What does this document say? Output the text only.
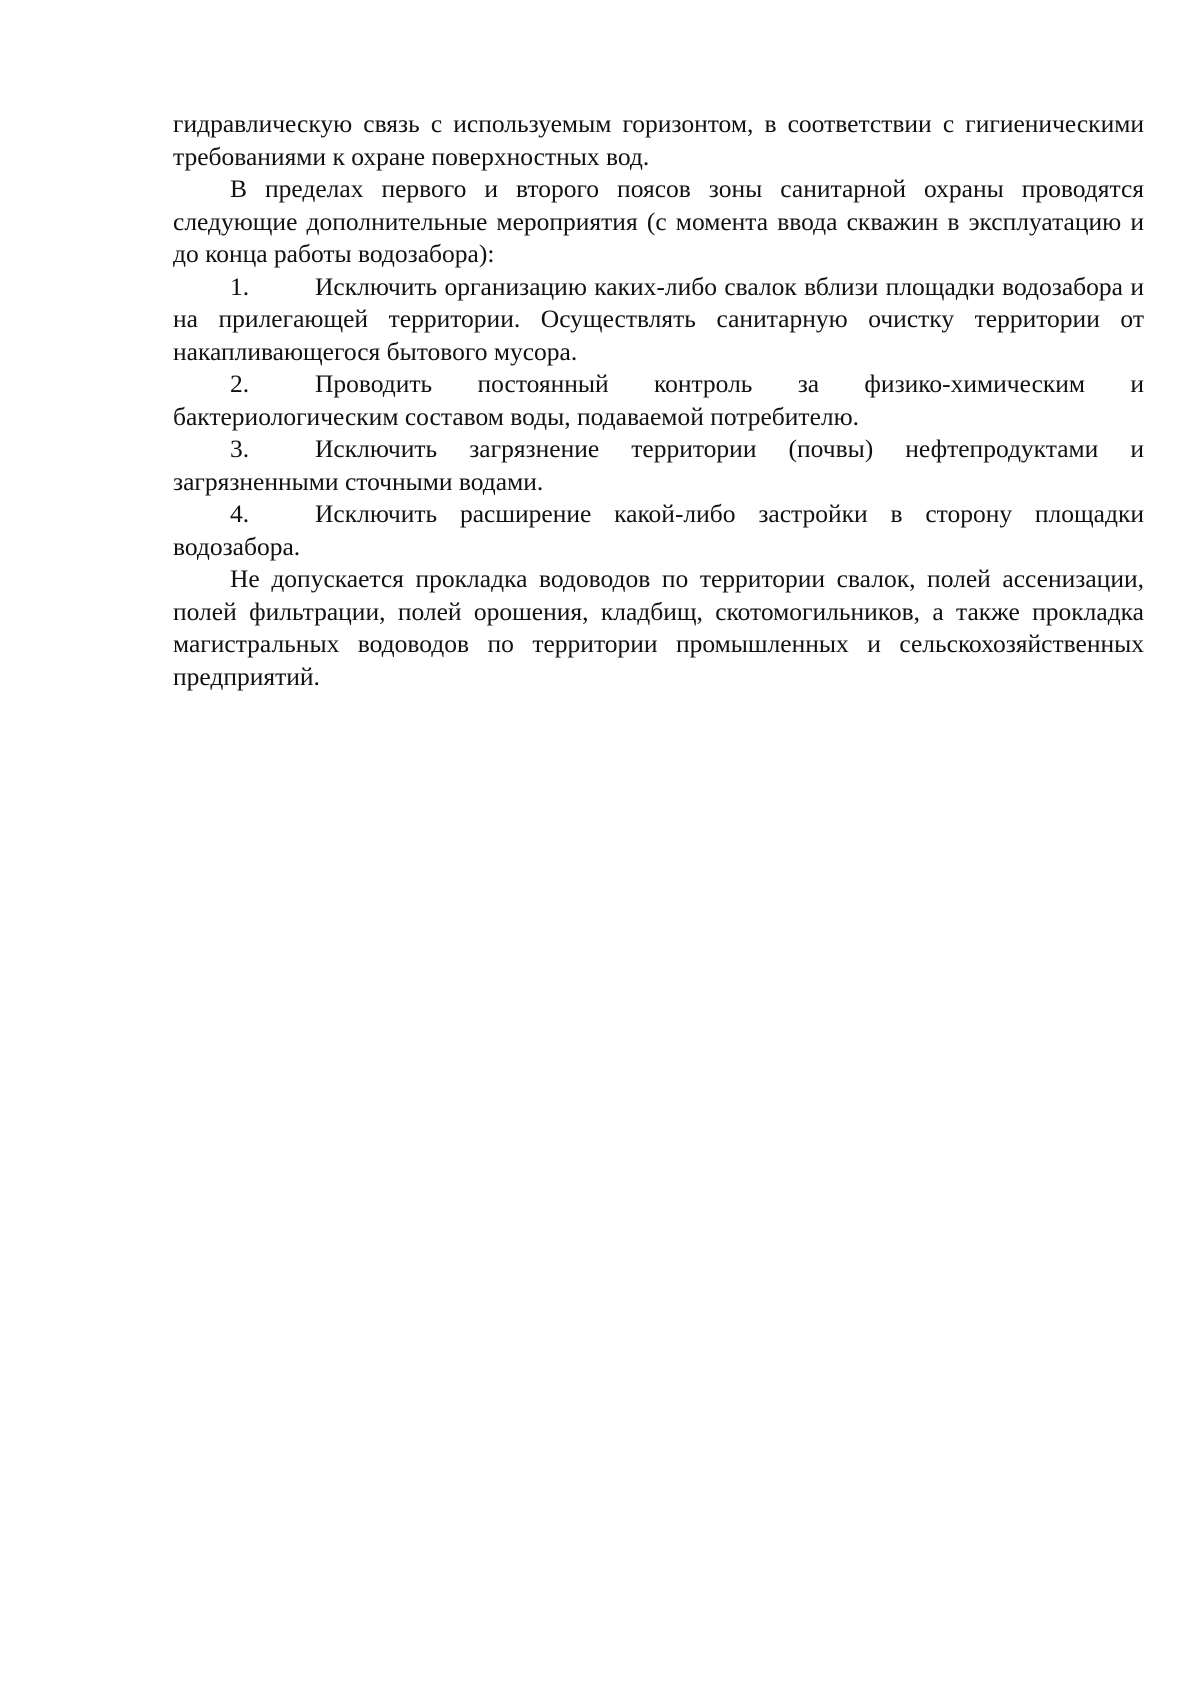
гидравлическую связь с используемым горизонтом, в соответствии с гигиеническими требованиями к охране поверхностных вод.

В пределах первого и второго поясов зоны санитарной охраны проводятся следующие дополнительные мероприятия (с момента ввода скважин в эксплуатацию и до конца работы водозабора):

1.	Исключить организацию каких-либо свалок вблизи площадки водозабора и на прилегающей территории. Осуществлять санитарную очистку территории от накапливающегося бытового мусора.

2.	Проводить постоянный контроль за физико-химическим и бактериологическим составом воды, подаваемой потребителю.

3.	Исключить загрязнение территории (почвы) нефтепродуктами и загрязненными сточными водами.

4.	Исключить расширение какой-либо застройки в сторону площадки водозабора.

Не допускается прокладка водоводов по территории свалок, полей ассенизации, полей фильтрации, полей орошения, кладбищ, скотомогильников, а также прокладка магистральных водоводов по территории промышленных и сельскохозяйственных предприятий.
